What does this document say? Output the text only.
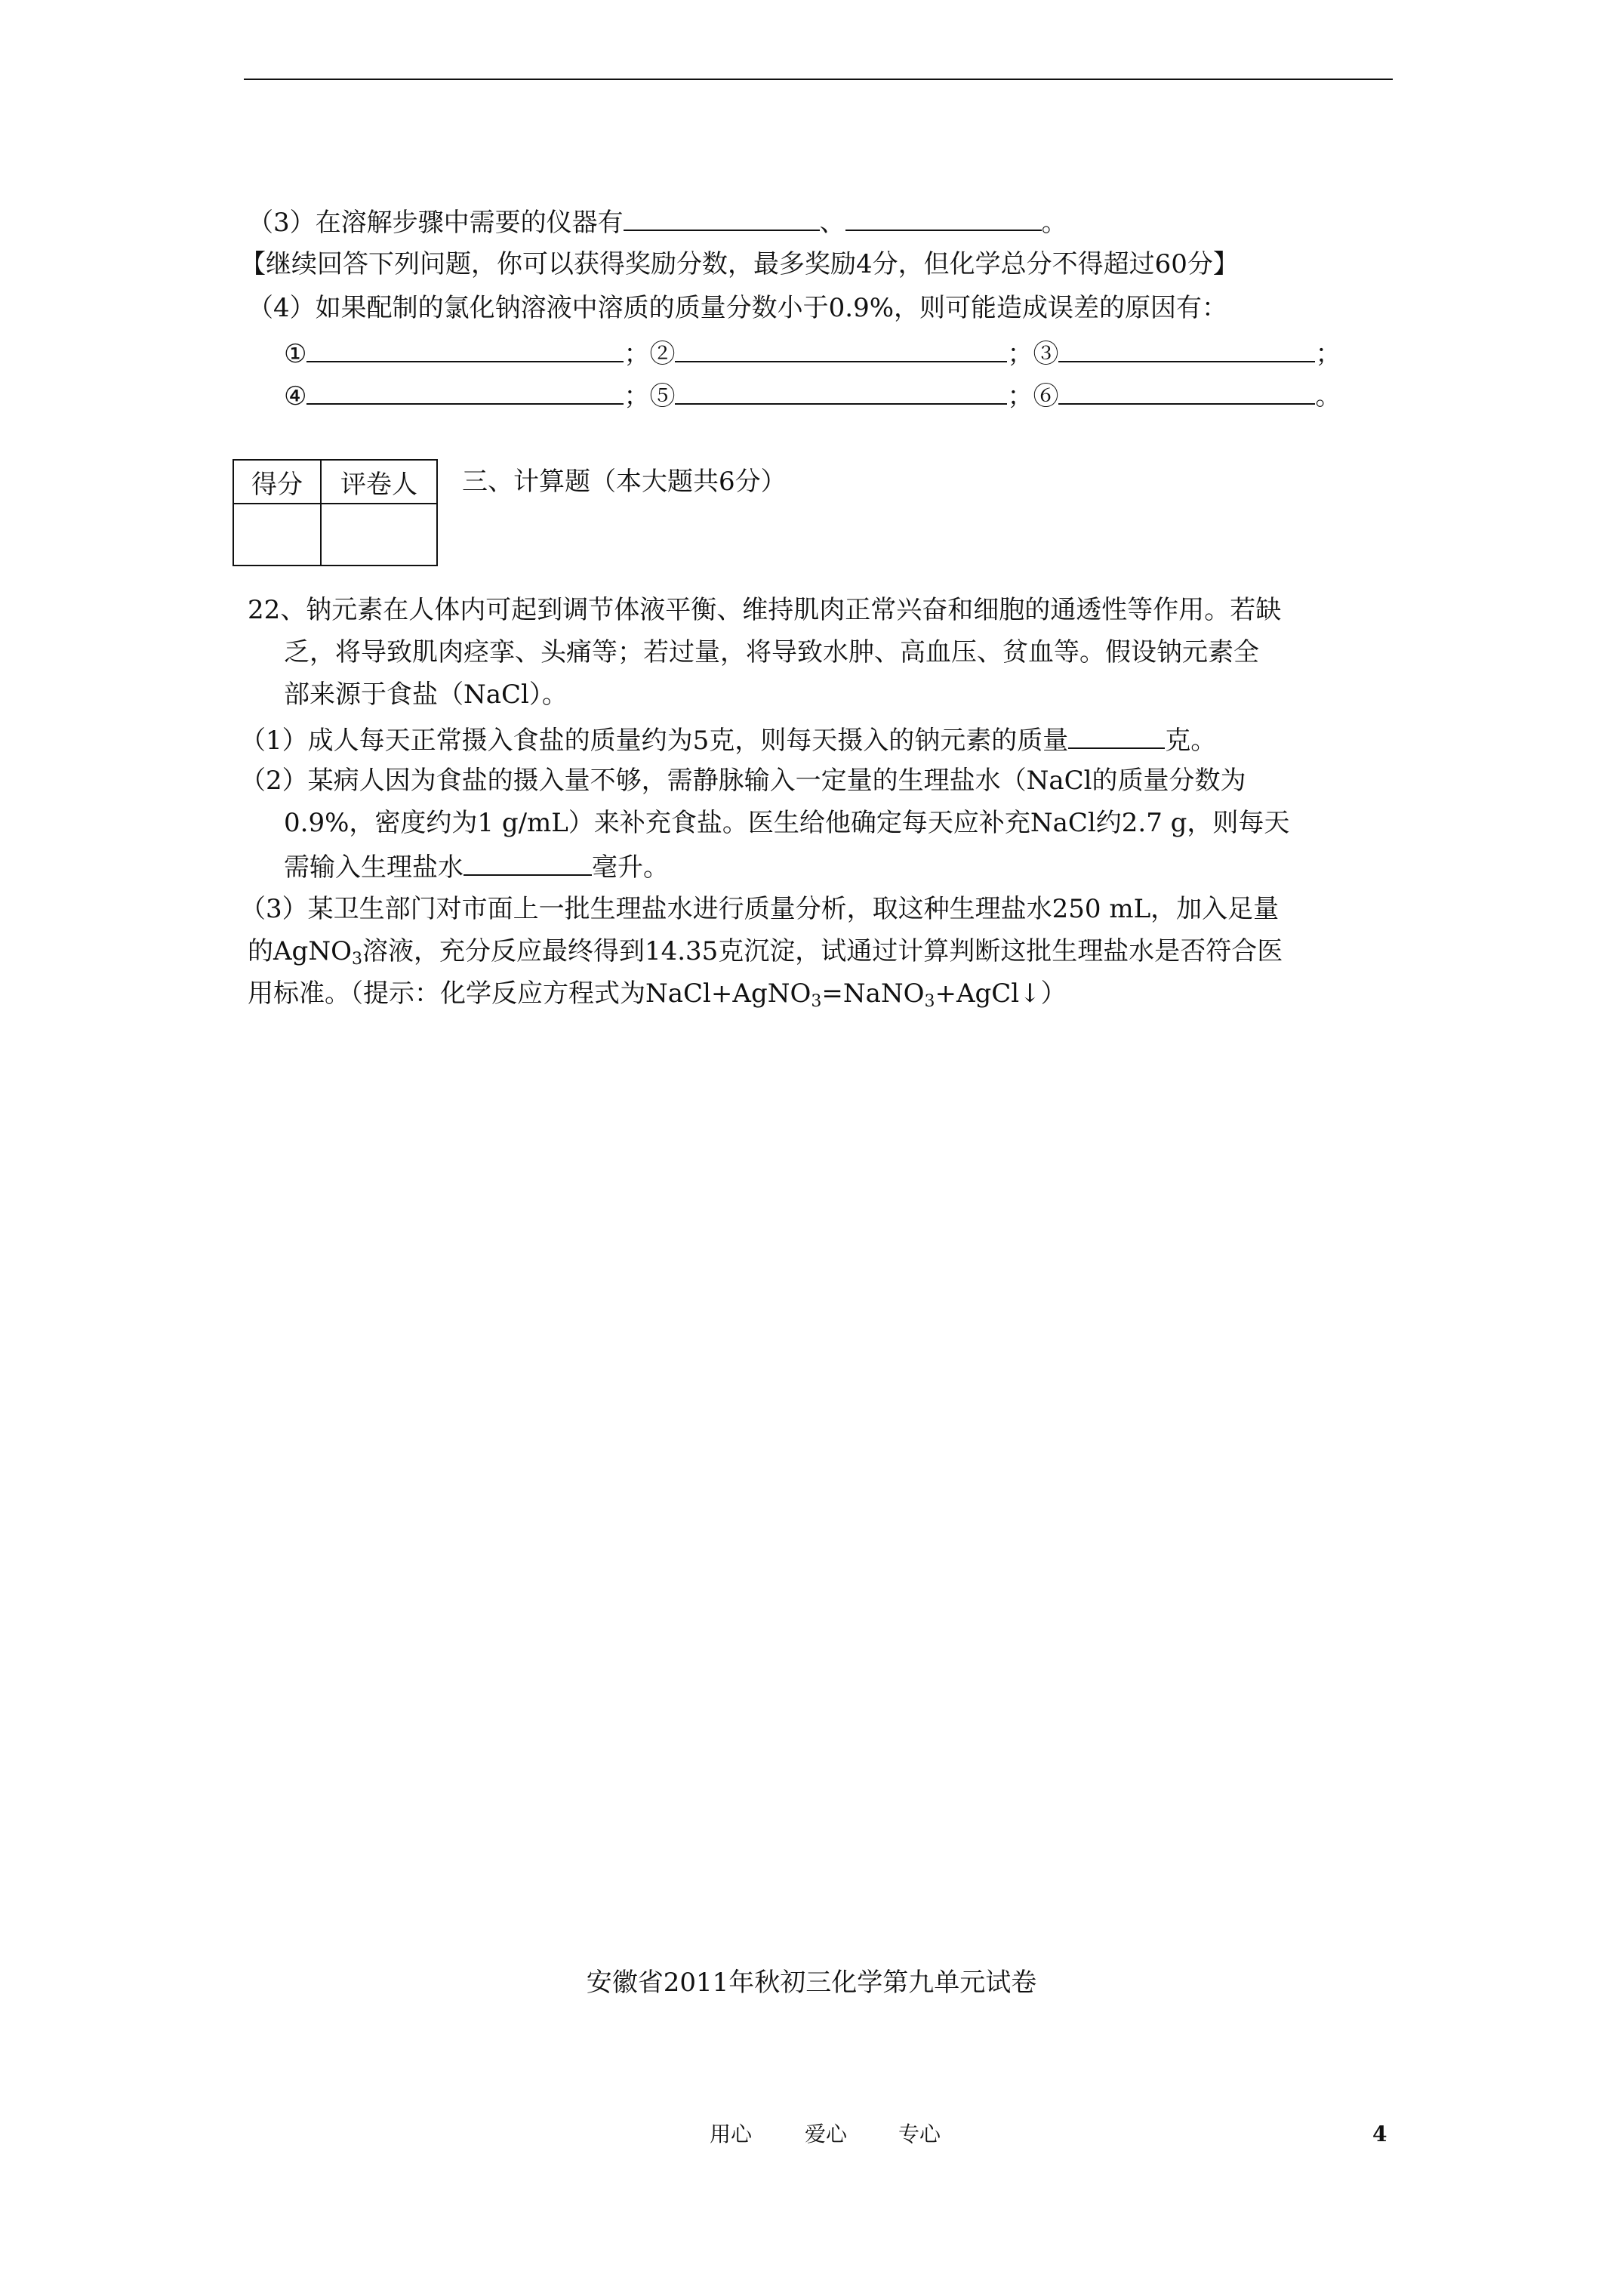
（3）在溶解步骤中需要的仪器有	、	。
【继续回答下列问题，你可以获得奖励分数，最多奖励4分，但化学总分不得超过60分】
（4）如果配制的氯化钠溶液中溶质的质量分数小于0.9%，则可能造成误差的原因有：
①	；②	；③	；
④	；⑤	；⑥	。
得分	评卷人
	三、计算题（本大题共6分）
22、钠元素在人体内可起到调节体液平衡、维持肌肉正常兴奋和细胞的通透性等作用。若缺
乏，将导致肌肉痉挛、头痛等；若过量，将导致水肿、高血压、贫血等。假设钠元素全
部来源于食盐（NaCl）。
（1）成人每天正常摄入食盐的质量约为5克，则每天摄入的钠元素的质量	克。
（2）某病人因为食盐的摄入量不够，需静脉输入一定量的生理盐水（NaCl的质量分数为
0.9%，密度约为1 g/mL）来补充食盐。医生给他确定每天应补充NaCl约2.7 g，则每天
需输入生理盐水	毫升。
（3）某卫生部门对市面上一批生理盐水进行质量分析，取这种生理盐水250 mL，加入足量
的AgNO$_3$溶液，充分反应最终得到14.35克沉淀，试通过计算判断这批生理盐水是否符合医
用标准。（提示：化学反应方程式为NaCl+AgNO$_3$=NaNO$_3$+AgCl↓）
安徽省2011年秋初三化学第九单元试卷
用心 爱心 专心	4
